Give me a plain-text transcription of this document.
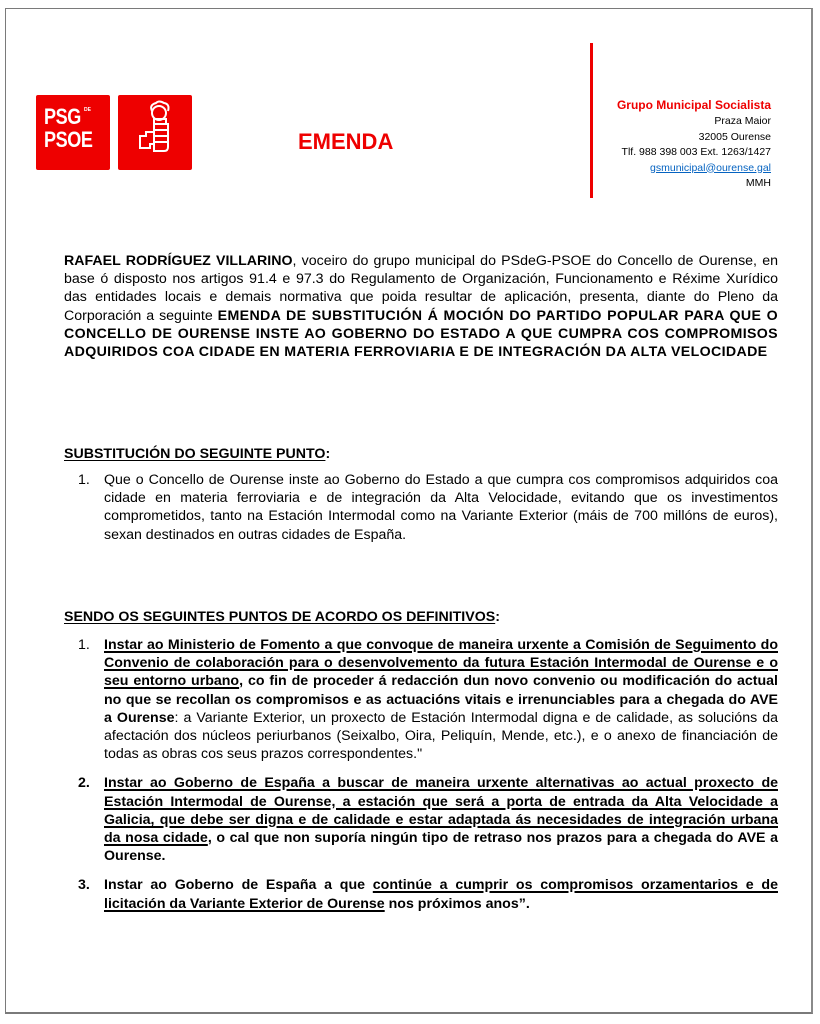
PSG
PSOE
DE
EMENDA
Grupo Municipal Socialista
Praza Maior
32005 Ourense
Tlf. 988 398 003 Ext. 1263/1427
gsmunicipal@ourense.gal
MMH
RAFAEL RODRÍGUEZ VILLARINO, voceiro do grupo municipal do PSdeG-PSOE do Concello de Ourense, en base ó disposto nos artigos 91.4 e 97.3 do Regulamento de Organización, Funcionamento e Réxime Xurídico das entidades locais e demais normativa que poida resultar de aplicación, presenta, diante do Pleno da Corporación a seguinte EMENDA DE SUBSTITUCIÓN Á MOCIÓN DO PARTIDO POPULAR PARA QUE O CONCELLO DE OURENSE INSTE AO GOBERNO DO ESTADO A QUE CUMPRA COS COMPROMISOS ADQUIRIDOS COA CIDADE EN MATERIA FERROVIARIA E DE INTEGRACIÓN DA ALTA VELOCIDADE
SUBSTITUCIÓN DO SEGUINTE PUNTO:
1. Que o Concello de Ourense inste ao Goberno do Estado a que cumpra cos compromisos adquiridos coa cidade en materia ferroviaria e de integración da Alta Velocidade, evitando que os investimentos comprometidos, tanto na Estación Intermodal como na Variante Exterior (máis de 700 millóns de euros), sexan destinados en outras cidades de España.
SENDO OS SEGUINTES PUNTOS DE ACORDO OS DEFINITIVOS:
1. Instar ao Ministerio de Fomento a que convoque de maneira urxente a Comisión de Seguimento do Convenio de colaboración para o desenvolvemento da futura Estación Intermodal de Ourense e o seu entorno urbano, co fin de proceder á redacción dun novo convenio ou modificación do actual no que se recollan os compromisos e as actuacións vitais e irrenunciables para a chegada do AVE a Ourense: a Variante Exterior, un proxecto de Estación Intermodal digna e de calidade, as solucións da afectación dos núcleos periurbanos (Seixalbo, Oira, Peliquín, Mende, etc.), e o anexo de financiación de todas as obras cos seus prazos correspondentes."
2. Instar ao Goberno de España a buscar de maneira urxente alternativas ao actual proxecto de Estación Intermodal de Ourense, a estación que será a porta de entrada da Alta Velocidade a Galicia, que debe ser digna e de calidade e estar adaptada ás necesidades de integración urbana da nosa cidade, o cal que non suporía ningún tipo de retraso nos prazos para a chegada do AVE a Ourense.
3. Instar ao Goberno de España a que continúe a cumprir os compromisos orzamentarios e de licitación da Variante Exterior de Ourense nos próximos anos”.
